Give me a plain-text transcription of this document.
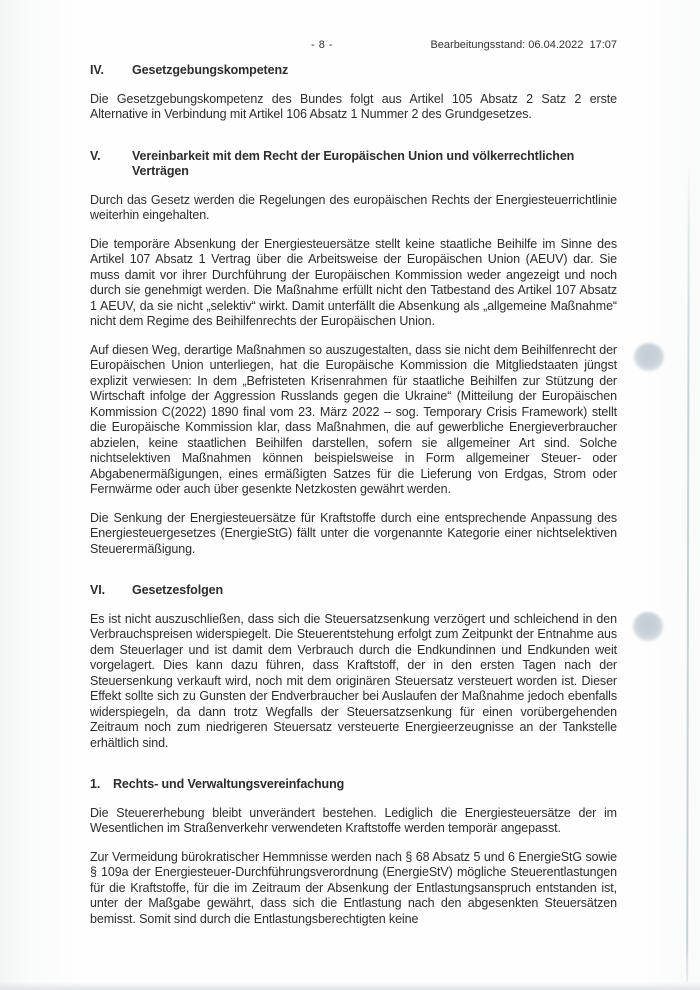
- 8 -	Bearbeitungsstand: 06.04.2022  17:07
IV.	Gesetzgebungskompetenz

Die Gesetzgebungskompetenz des Bundes folgt aus Artikel 105 Absatz 2 Satz 2 erste Alternative in Verbindung mit Artikel 106 Absatz 1 Nummer 2 des Grundgesetzes.

V.	Vereinbarkeit mit dem Recht der Europäischen Union und völkerrechtlichen Verträgen

Durch das Gesetz werden die Regelungen des europäischen Rechts der Energiesteuerrichtlinie weiterhin eingehalten.

Die temporäre Absenkung der Energiesteuersätze stellt keine staatliche Beihilfe im Sinne des Artikel 107 Absatz 1 Vertrag über die Arbeitsweise der Europäischen Union (AEUV) dar. Sie muss damit vor ihrer Durchführung der Europäischen Kommission weder angezeigt und noch durch sie genehmigt werden. Die Maßnahme erfüllt nicht den Tatbestand des Artikel 107 Absatz 1 AEUV, da sie nicht „selektiv“ wirkt. Damit unterfällt die Absenkung als „allgemeine Maßnahme“ nicht dem Regime des Beihilfenrechts der Europäischen Union.

Auf diesen Weg, derartige Maßnahmen so auszugestalten, dass sie nicht dem Beihilfenrecht der Europäischen Union unterliegen, hat die Europäische Kommission die Mitgliedstaaten jüngst explizit verwiesen: In dem „Befristeten Krisenrahmen für staatliche Beihilfen zur Stützung der Wirtschaft infolge der Aggression Russlands gegen die Ukraine“ (Mitteilung der Europäischen Kommission C(2022) 1890 final vom 23. März 2022 – sog. Temporary Crisis Framework) stellt die Europäische Kommission klar, dass Maßnahmen, die auf gewerbliche Energieverbraucher abzielen, keine staatlichen Beihilfen darstellen, sofern sie allgemeiner Art sind. Solche nichtselektiven Maßnahmen können beispielsweise in Form allgemeiner Steuer- oder Abgabenermäßigungen, eines ermäßigten Satzes für die Lieferung von Erdgas, Strom oder Fernwärme oder auch über gesenkte Netzkosten gewährt werden.

Die Senkung der Energiesteuersätze für Kraftstoffe durch eine entsprechende Anpassung des Energiesteuergesetzes (EnergieStG) fällt unter die vorgenannte Kategorie einer nichtselektiven Steuerermäßigung.

VI.	Gesetzesfolgen

Es ist nicht auszuschließen, dass sich die Steuersatzsenkung verzögert und schleichend in den Verbrauchspreisen widerspiegelt. Die Steuerentstehung erfolgt zum Zeitpunkt der Entnahme aus dem Steuerlager und ist damit dem Verbrauch durch die Endkundinnen und Endkunden weit vorgelagert. Dies kann dazu führen, dass Kraftstoff, der in den ersten Tagen nach der Steuersenkung verkauft wird, noch mit dem originären Steuersatz versteuert worden ist. Dieser Effekt sollte sich zu Gunsten der Endverbraucher bei Auslaufen der Maßnahme jedoch ebenfalls widerspiegeln, da dann trotz Wegfalls der Steuersatzsenkung für einen vorübergehenden Zeitraum noch zum niedrigeren Steuersatz versteuerte Energieerzeugnisse an der Tankstelle erhältlich sind.

1.	Rechts- und Verwaltungsvereinfachung

Die Steuererhebung bleibt unverändert bestehen. Lediglich die Energiesteuersätze der im Wesentlichen im Straßenverkehr verwendeten Kraftstoffe werden temporär angepasst.

Zur Vermeidung bürokratischer Hemmnisse werden nach § 68 Absatz 5 und 6 EnergieStG sowie § 109a der Energiesteuer-Durchführungsverordnung (EnergieStV) mögliche Steuerentlastungen für die Kraftstoffe, für die im Zeitraum der Absenkung der Entlastungsanspruch entstanden ist, unter der Maßgabe gewährt, dass sich die Entlastung nach den abgesenkten Steuersätzen bemisst. Somit sind durch die Entlastungsberechtigten keine
